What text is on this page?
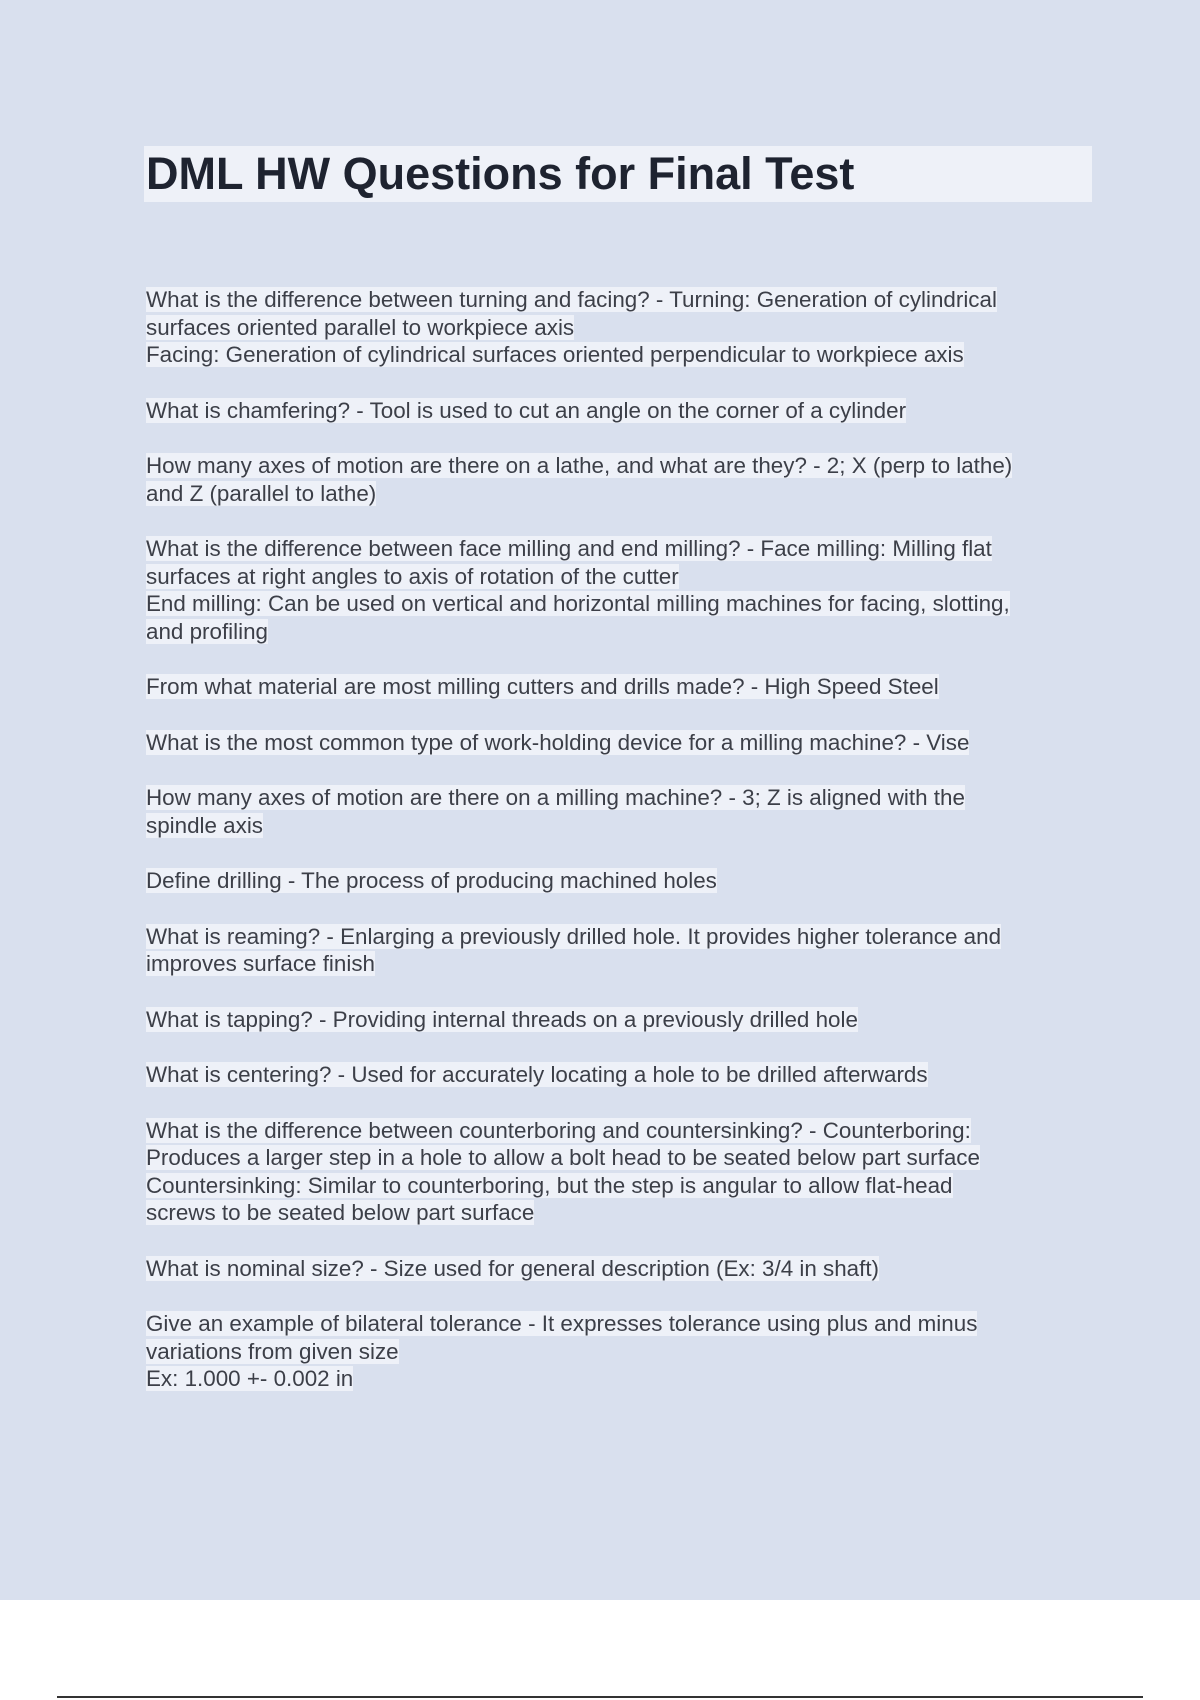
DML HW Questions for Final Test
What is the difference between turning and facing? - Turning: Generation of cylindrical
surfaces oriented parallel to workpiece axis
Facing: Generation of cylindrical surfaces oriented perpendicular to workpiece axis
What is chamfering? - Tool is used to cut an angle on the corner of a cylinder
How many axes of motion are there on a lathe, and what are they? - 2; X (perp to lathe)
and Z (parallel to lathe)
What is the difference between face milling and end milling? - Face milling: Milling flat
surfaces at right angles to axis of rotation of the cutter
End milling: Can be used on vertical and horizontal milling machines for facing, slotting,
and profiling
From what material are most milling cutters and drills made? - High Speed Steel
What is the most common type of work-holding device for a milling machine? - Vise
How many axes of motion are there on a milling machine? - 3; Z is aligned with the
spindle axis
Define drilling - The process of producing machined holes
What is reaming? - Enlarging a previously drilled hole. It provides higher tolerance and
improves surface finish
What is tapping? - Providing internal threads on a previously drilled hole
What is centering? - Used for accurately locating a hole to be drilled afterwards
What is the difference between counterboring and countersinking? - Counterboring:
Produces a larger step in a hole to allow a bolt head to be seated below part surface
Countersinking: Similar to counterboring, but the step is angular to allow flat-head
screws to be seated below part surface
What is nominal size? - Size used for general description (Ex: 3/4 in shaft)
Give an example of bilateral tolerance - It expresses tolerance using plus and minus
variations from given size
Ex: 1.000 +- 0.002 in
